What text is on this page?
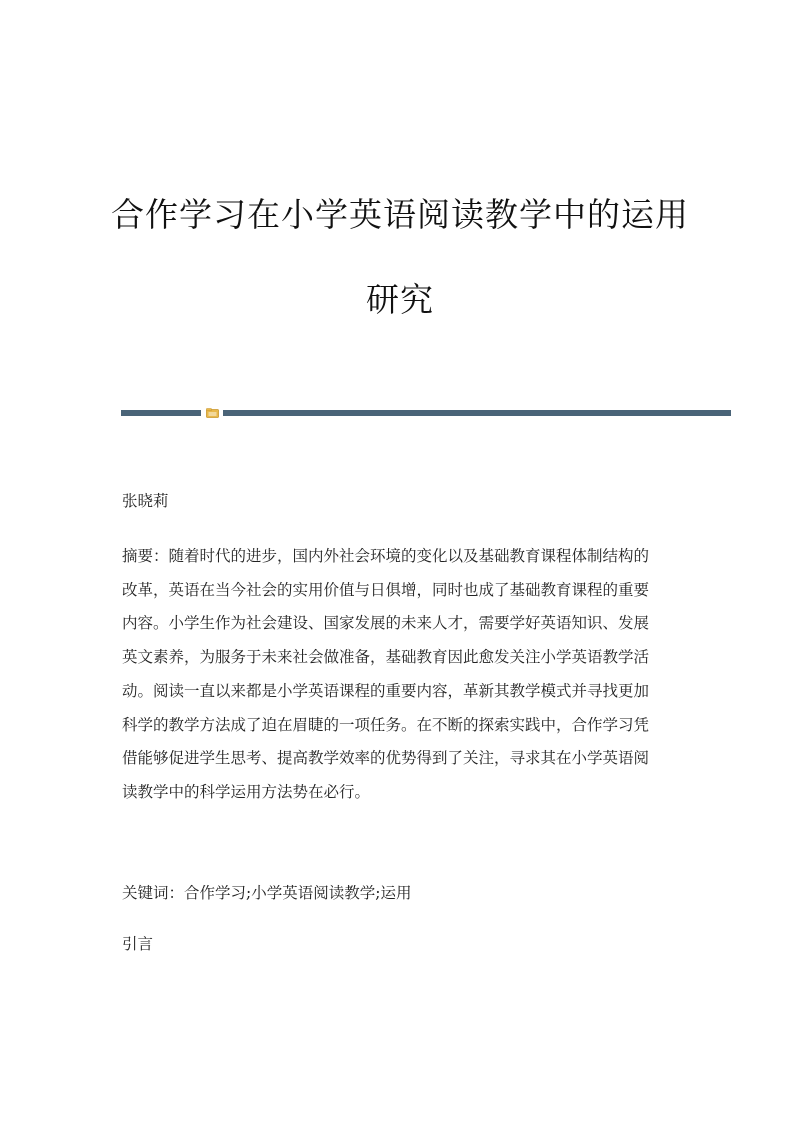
合作学习在小学英语阅读教学中的运用
研究
张晓莉

摘要：随着时代的进步，国内外社会环境的变化以及基础教育课程体制结构的

改革，英语在当今社会的实用价值与日俱增，同时也成了基础教育课程的重要

内容。小学生作为社会建设、国家发展的未来人才，需要学好英语知识、发展

英文素养，为服务于未来社会做准备，基础教育因此愈发关注小学英语教学活

动。阅读一直以来都是小学英语课程的重要内容，革新其教学模式并寻找更加

科学的教学方法成了迫在眉睫的一项任务。在不断的探索实践中，合作学习凭

借能够促进学生思考、提高教学效率的优势得到了关注，寻求其在小学英语阅

读教学中的科学运用方法势在必行。

关键词：合作学习;小学英语阅读教学;运用
引言
